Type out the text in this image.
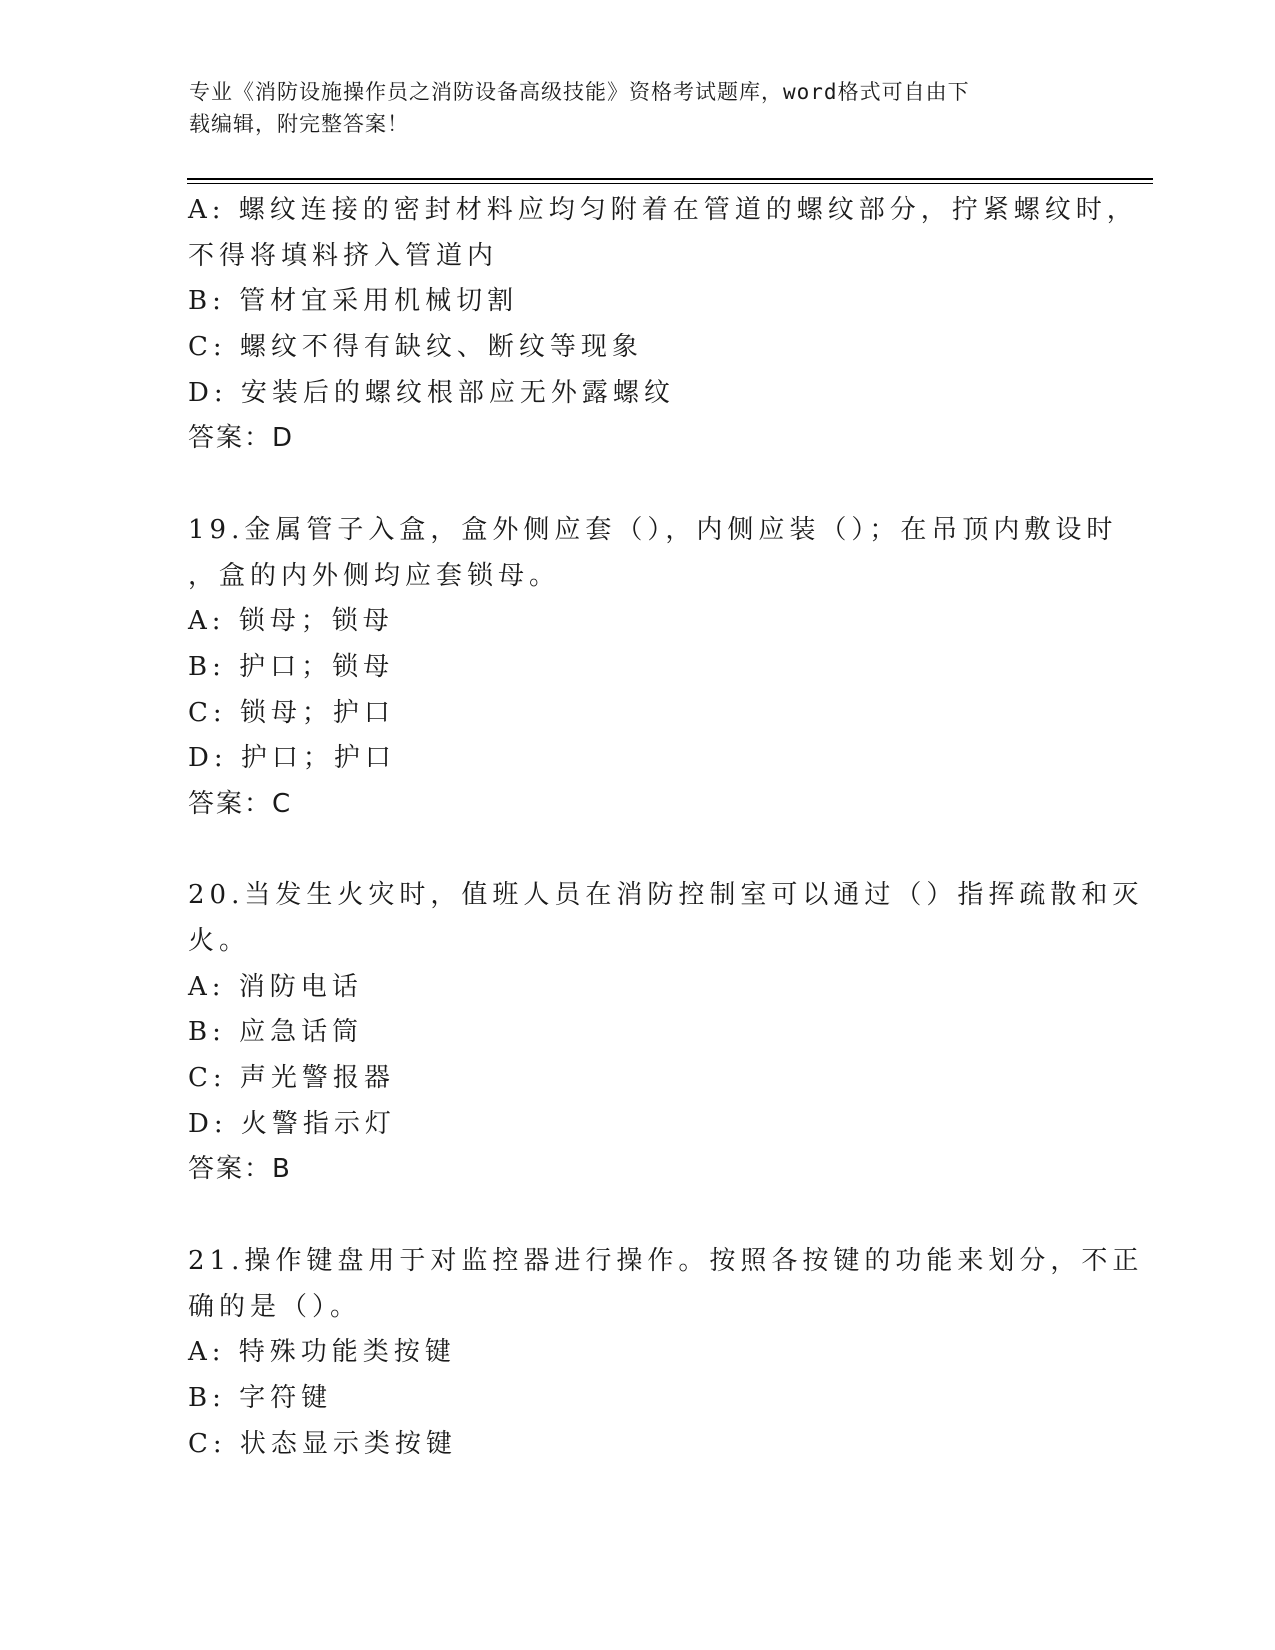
专业《消防设施操作员之消防设备高级技能》资格考试题库，word格式可自由下
载编辑，附完整答案！
A: 螺纹连接的密封材料应均匀附着在管道的螺纹部分，拧紧螺纹时，
不得将填料挤入管道内
B: 管材宜采用机械切割
C: 螺纹不得有缺纹、断纹等现象
D: 安装后的螺纹根部应无外露螺纹
答案：D
19.金属管子入盒，盒外侧应套（），内侧应装（）；在吊顶内敷设时
，盒的内外侧均应套锁母。
A: 锁母；锁母
B: 护口；锁母
C: 锁母；护口
D: 护口；护口
答案：C
20.当发生火灾时，值班人员在消防控制室可以通过（）指挥疏散和灭
火。
A: 消防电话
B: 应急话筒
C: 声光警报器
D: 火警指示灯
答案：B
21.操作键盘用于对监控器进行操作。按照各按键的功能来划分，不正
确的是（）。
A: 特殊功能类按键
B: 字符键
C: 状态显示类按键
